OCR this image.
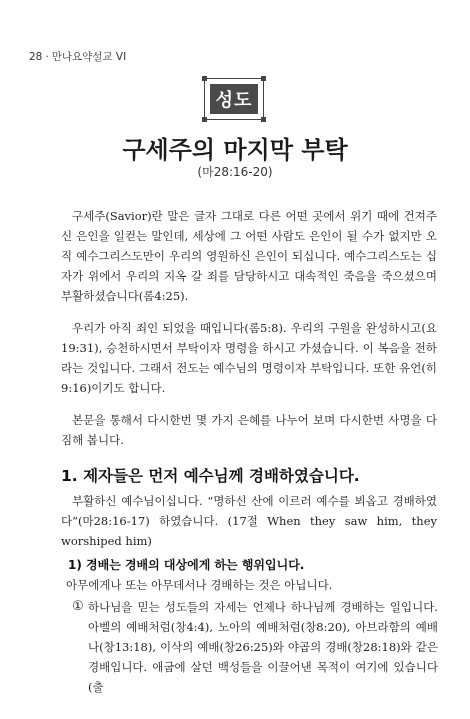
28 · 만나요약설교 VI
성도
구세주의 마지막 부탁
(마28:16-20)

구세주(Savior)란 말은 글자 그대로 다른 어떤 곳에서 위기 때에 건져주신 은인을 일컫는 말인데, 세상에 그 어떤 사람도 은인이 될 수가 없지만 오직 예수그리스도만이 우리의 영원하신 은인이 되십니다. 예수그리스도는 십자가 위에서 우리의 지옥 갈 죄를 담당하시고 대속적인 죽음을 죽으셨으며 부활하셨습니다(롬4:25).

우리가 아직 죄인 되었을 때입니다(롬5:8). 우리의 구원을 완성하시고(요19:31), 승천하시면서 부탁이자 명령을 하시고 가셨습니다. 이 복음을 전하라는 것입니다. 그래서 전도는 예수님의 명령이자 부탁입니다. 또한 유언(히9:16)이기도 합니다.

본문을 통해서 다시한번 몇 가지 은혜를 나누어 보며 다시한번 사명을 다짐해 봅니다.

1. 제자들은 먼저 예수님께 경배하였습니다.

부활하신 예수님이십니다. “명하신 산에 이르러 예수를 뵈옵고 경배하였다”(마28:16-17) 하였습니다. (17절 When they saw him, they worshiped him)

1) 경배는 경배의 대상에게 하는 행위입니다.

아무에게나 또는 아무데서나 경배하는 것은 아닙니다.

① 하나님을 믿는 성도들의 자세는 언제나 하나님께 경배하는 일입니다. 아벨의 예배처럼(창4:4), 노아의 예배처럼(창8:20), 아브라함의 예배나(창13:18), 이삭의 예배(창26:25)와 야곱의 경배(창28:18)와 같은 경배입니다. 애굽에 살던 백성들을 이끌어낸 목적이 여기에 있습니다(출
